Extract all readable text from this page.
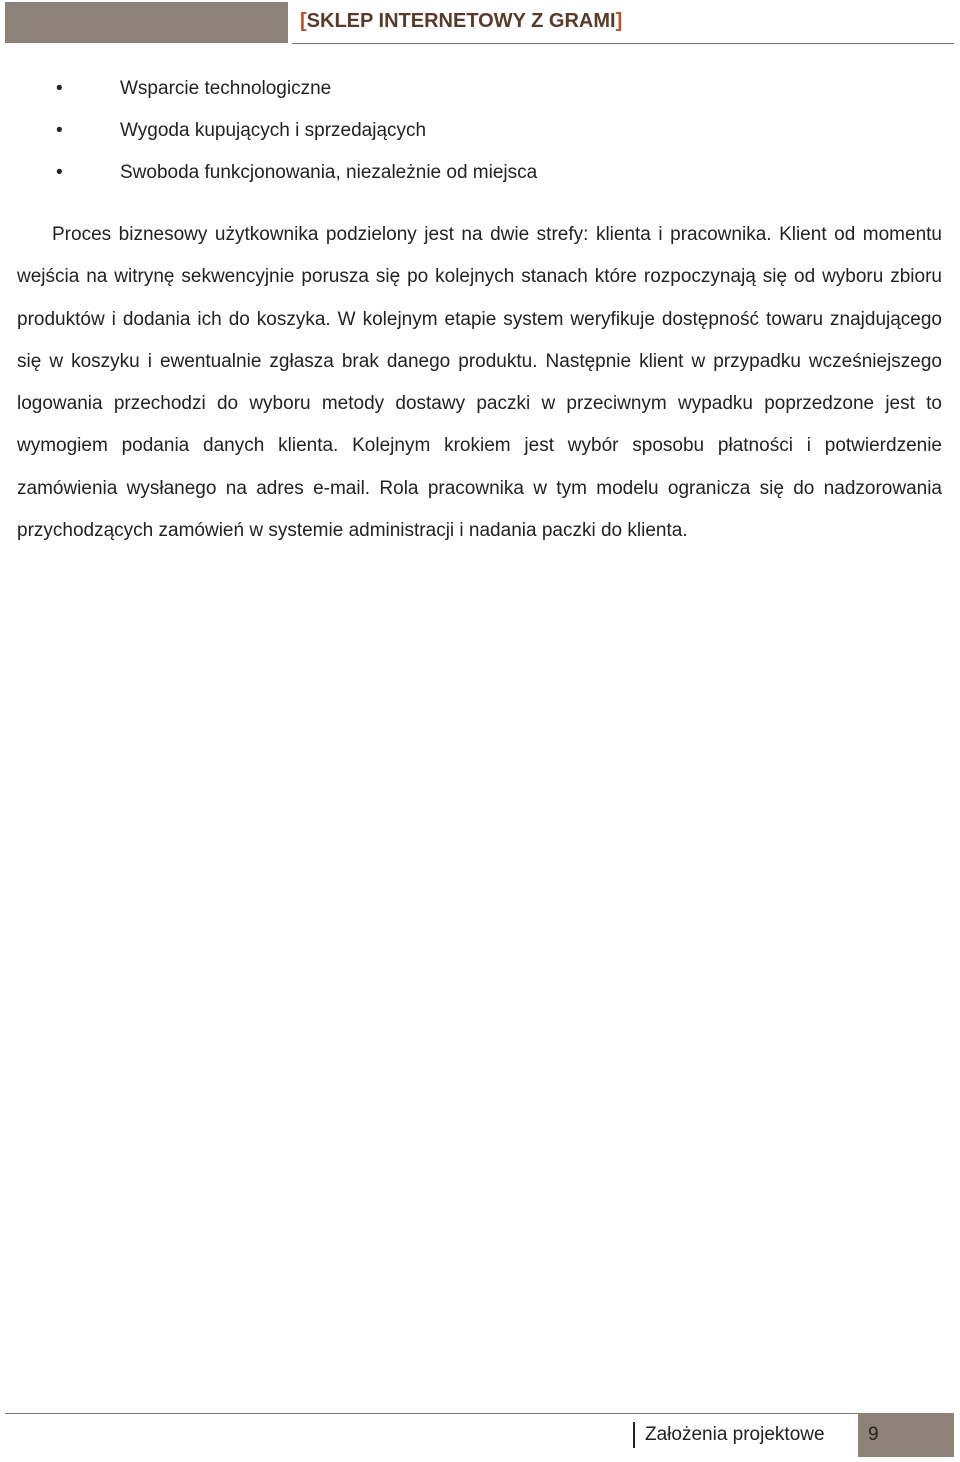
[SKLEP INTERNETOWY Z GRAMI]
•	Wsparcie technologiczne
•	Wygoda kupujących i sprzedających
•	Swoboda funkcjonowania, niezależnie od miejsca

Proces biznesowy użytkownika podzielony jest na dwie strefy: klienta i pracownika. Klient od momentu wejścia na witrynę sekwencyjnie porusza się po kolejnych stanach które rozpoczynają się od wyboru zbioru produktów i dodania ich do koszyka. W kolejnym etapie system weryfikuje dostępność towaru znajdującego się w koszyku i ewentualnie zgłasza brak danego produktu. Następnie klient w przypadku wcześniejszego logowania przechodzi do wyboru metody dostawy paczki w przeciwnym wypadku poprzedzone jest to wymogiem podania danych klienta. Kolejnym krokiem jest wybór sposobu płatności i potwierdzenie zamówienia wysłanego na adres e-mail. Rola pracownika w tym modelu ogranicza się do nadzorowania przychodzących zamówień w systemie administracji i nadania paczki do klienta.

Założenia projektowe	9
